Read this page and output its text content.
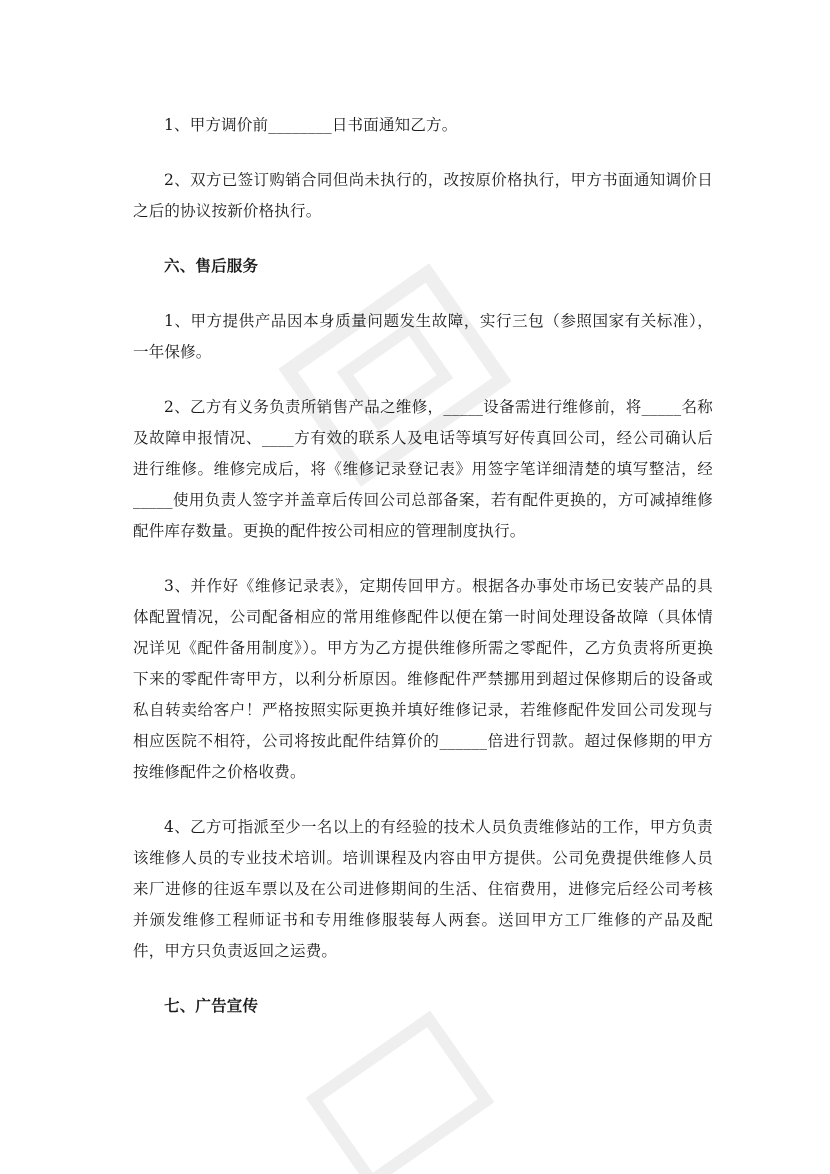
1、甲方调价前________日书面通知乙方。

2、双方已签订购销合同但尚未执行的，改按原价格执行，甲方书面通知调价日之后的协议按新价格执行。

六、售后服务

1、甲方提供产品因本身质量问题发生故障，实行三包（参照国家有关标准），一年保修。

2、乙方有义务负责所销售产品之维修，_____设备需进行维修前，将_____名称及故障申报情况、____方有效的联系人及电话等填写好传真回公司，经公司确认后进行维修。维修完成后，将《维修记录登记表》用签字笔详细清楚的填写整洁，经_____使用负责人签字并盖章后传回公司总部备案，若有配件更换的，方可减掉维修配件库存数量。更换的配件按公司相应的管理制度执行。

3、并作好《维修记录表》，定期传回甲方。根据各办事处市场已安装产品的具体配置情况，公司配备相应的常用维修配件以便在第一时间处理设备故障（具体情况详见《配件备用制度》）。甲方为乙方提供维修所需之零配件，乙方负责将所更换下来的零配件寄甲方，以利分析原因。维修配件严禁挪用到超过保修期后的设备或私自转卖给客户！严格按照实际更换并填好维修记录，若维修配件发回公司发现与相应医院不相符，公司将按此配件结算价的______倍进行罚款。超过保修期的甲方按维修配件之价格收费。

4、乙方可指派至少一名以上的有经验的技术人员负责维修站的工作，甲方负责该维修人员的专业技术培训。培训课程及内容由甲方提供。公司免费提供维修人员来厂进修的往返车票以及在公司进修期间的生活、住宿费用，进修完后经公司考核并颁发维修工程师证书和专用维修服装每人两套。送回甲方工厂维修的产品及配件，甲方只负责返回之运费。

七、广告宣传
